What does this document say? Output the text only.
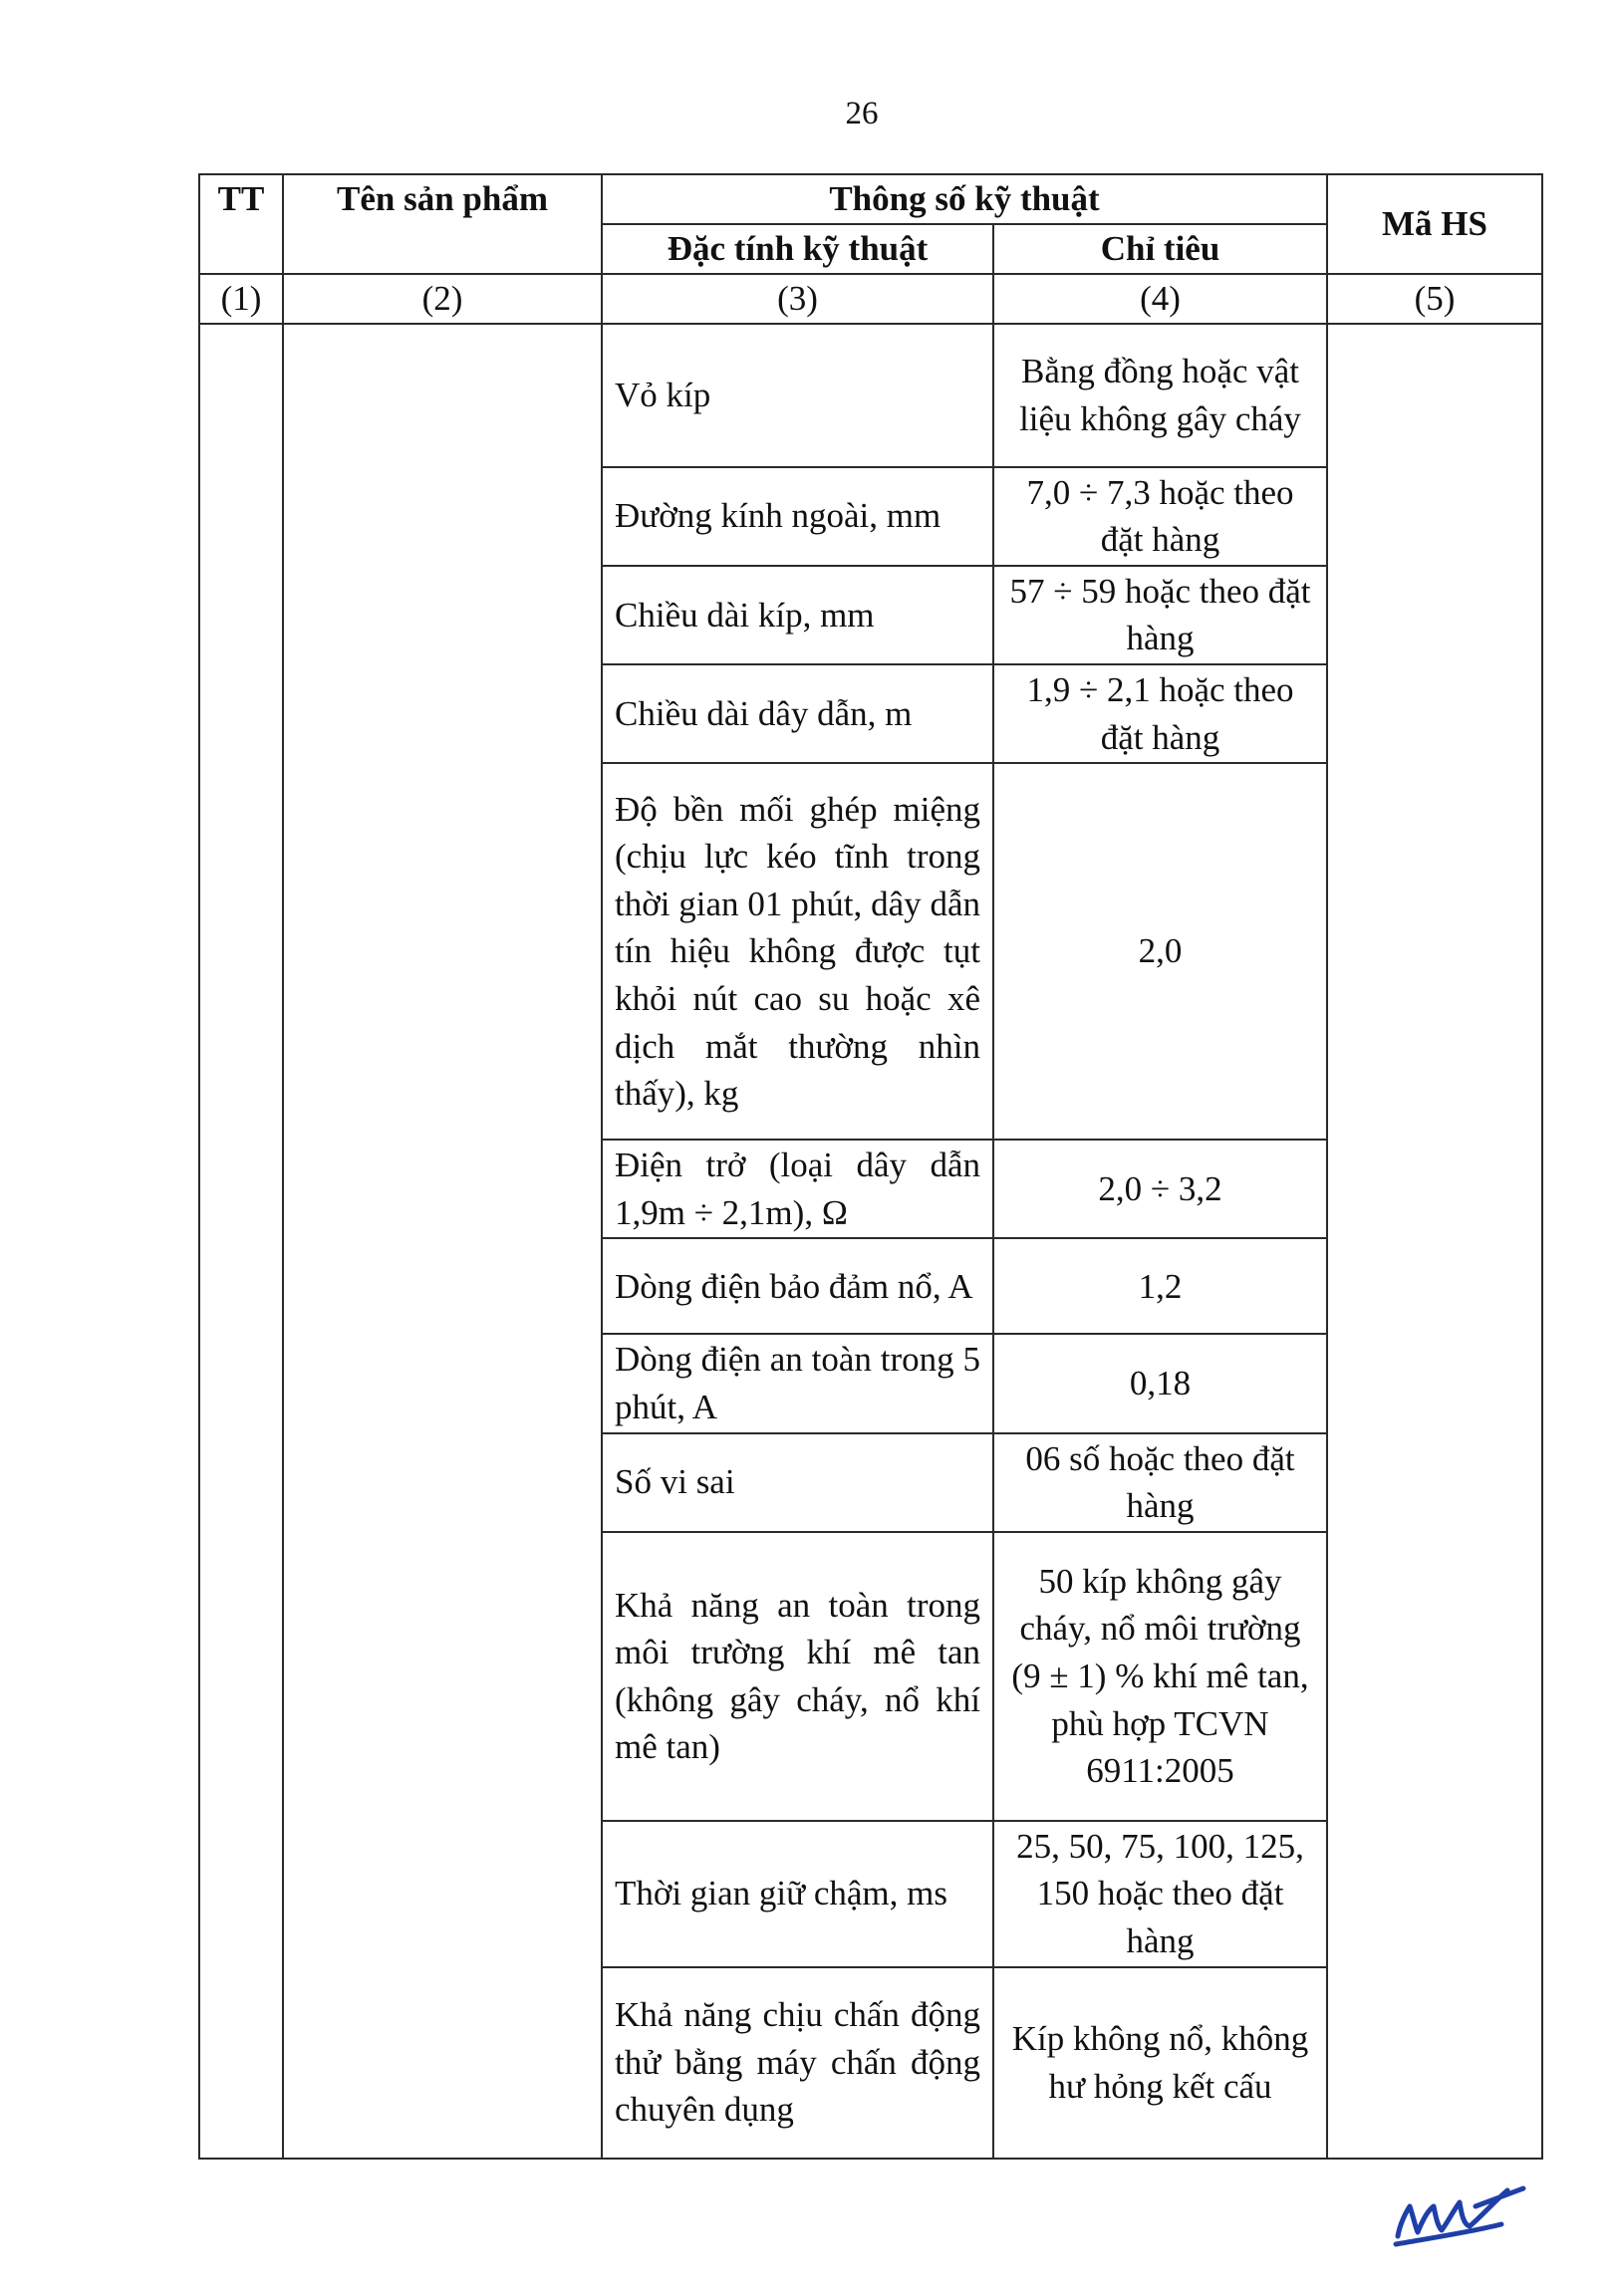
26
TT	Tên sản phẩm	Thông số kỹ thuật		Mã HS
		Đặc tính kỹ thuật	Chỉ tiêu	
(1)	(2)	(3)	(4)	(5)
		Vỏ kíp	Bằng đồng hoặc vật liệu không gây cháy	
		Đường kính ngoài, mm	7,0 ÷ 7,3 hoặc theo đặt hàng	
		Chiều dài kíp, mm	57 ÷ 59 hoặc theo đặt hàng	
		Chiều dài dây dẫn, m	1,9 ÷ 2,1 hoặc theo đặt hàng	
		Độ bền mối ghép miệng (chịu lực kéo tĩnh trong thời gian 01 phút, dây dẫn tín hiệu không được tụt khỏi nút cao su hoặc xê dịch mắt thường nhìn thấy), kg	2,0	
		Điện trở (loại dây dẫn 1,9m ÷ 2,1m), Ω	2,0 ÷ 3,2	
		Dòng điện bảo đảm nổ, A	1,2	
		Dòng điện an toàn trong 5 phút, A	0,18	
		Số vi sai	06 số hoặc theo đặt hàng	
		Khả năng an toàn trong môi trường khí mê tan (không gây cháy, nổ khí mê tan)	50 kíp không gây cháy, nổ môi trường (9 ± 1) % khí mê tan, phù hợp TCVN 6911:2005	
		Thời gian giữ chậm, ms	25, 50, 75, 100, 125, 150 hoặc theo đặt hàng	
		Khả năng chịu chấn động thử bằng máy chấn động chuyên dụng	Kíp không nổ, không hư hỏng kết cấu	
